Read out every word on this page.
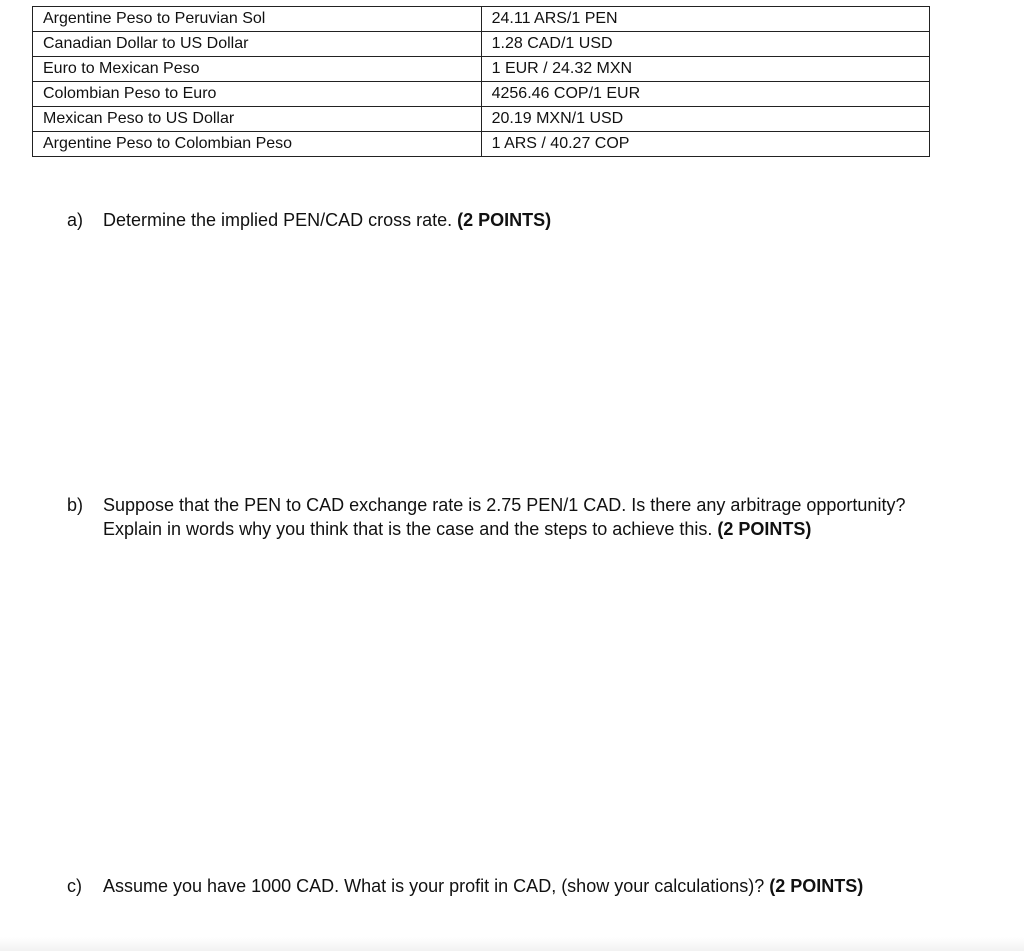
Argentine Peso to Peruvian Sol	24.11 ARS/1 PEN
Canadian Dollar to US Dollar	1.28 CAD/1 USD
Euro to Mexican Peso	1 EUR / 24.32 MXN
Colombian Peso to Euro	4256.46 COP/1 EUR
Mexican Peso to US Dollar	20.19 MXN/1 USD
Argentine Peso to Colombian Peso	1 ARS / 40.27 COP
a)	Determine the implied PEN/CAD cross rate. (2 POINTS)
b)	Suppose that the PEN to CAD exchange rate is 2.75 PEN/1 CAD. Is there any arbitrage opportunity? Explain in words why you think that is the case and the steps to achieve this. (2 POINTS)
c)	Assume you have 1000 CAD. What is your profit in CAD, (show your calculations)? (2 POINTS)
